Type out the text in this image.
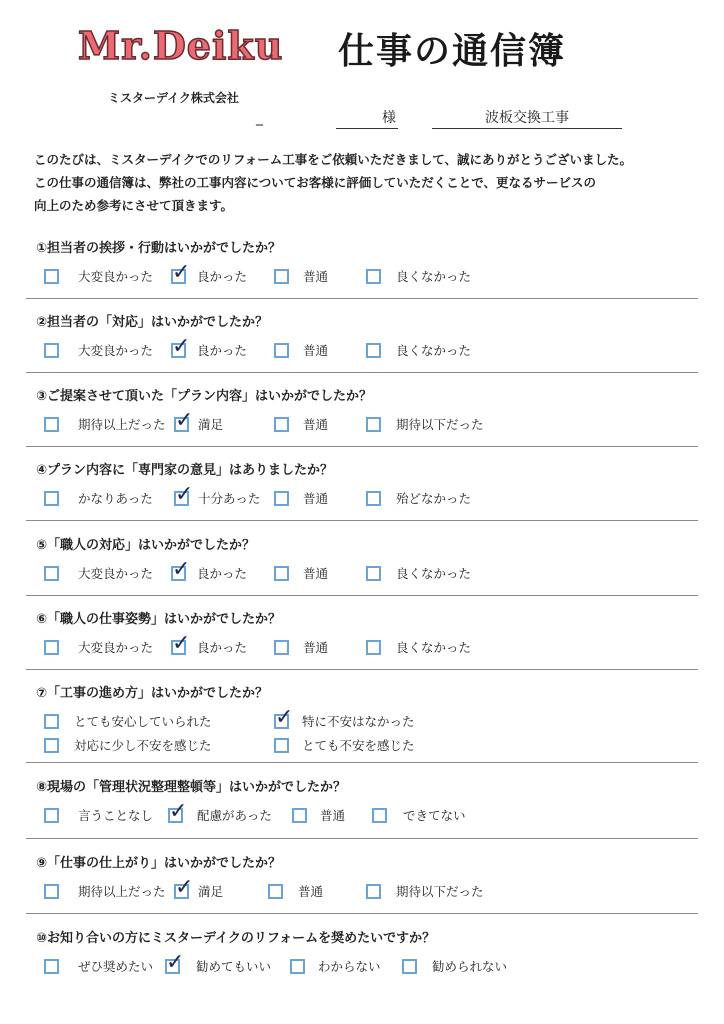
Mr.Deiku 仕事の通信簿
ミスターデイク株式会社
_	様	波板交換工事
このたびは、ミスターデイクでのリフォーム工事をご依頼いただきまして、誠にありがとうございました。
この仕事の通信簿は、弊社の工事内容についてお客様に評価していただくことで、更なるサービスの
向上のため参考にさせて頂きます。
①担当者の挨拶・行動はいかがでしたか？
大変良かった ✓ 良かった	普通	良くなかった
②担当者の「対応」はいかがでしたか？
大変良かった ✓ 良かった	普通	良くなかった
③ご提案させて頂いた「プラン内容」はいかがでしたか？
期待以上だった ✓ 満足	普通	期待以下だった
④プラン内容に「専門家の意見」はありましたか？
かなりあった ✓ 十分あった	普通	殆どなかった
⑤「職人の対応」はいかがでしたか？
大変良かった ✓ 良かった	普通	良くなかった
⑥「職人の仕事姿勢」はいかがでしたか？
大変良かった ✓ 良かった	普通	良くなかった
⑦「工事の進め方」はいかがでしたか？
とても安心していられた	✓ 特に不安はなかった
対応に少し不安を感じた	とても不安を感じた
⑧現場の「管理状況整理整頓等」はいかがでしたか？
言うことなし ✓ 配慮があった	普通	できてない
⑨「仕事の仕上がり」はいかがでしたか？
期待以上だった ✓ 満足	普通	期待以下だった
⑩お知り合いの方にミスターデイクのリフォームを奨めたいですか？
ぜひ奨めたい ✓ 勧めてもいい	わからない	勧められない
